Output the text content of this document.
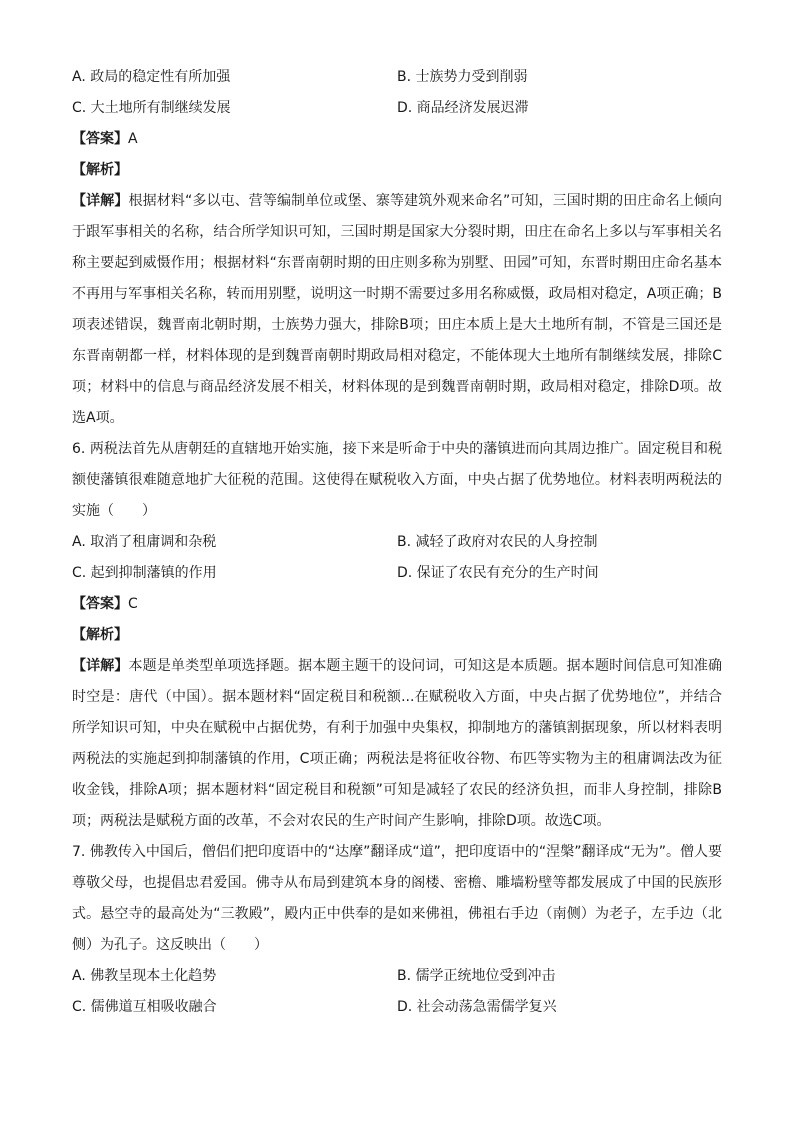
A. 政局的稳定性有所加强	B. 士族势力受到削弱
C. 大土地所有制继续发展	D. 商品经济发展迟滞
【答案】A
【解析】

【详解】根据材料“多以屯、营等编制单位或堡、寨等建筑外观来命名”可知，三国时期的田庄命名上倾向于跟军事相关的名称，结合所学知识可知，三国时期是国家大分裂时期，田庄在命名上多以与军事相关名称主要起到威慑作用；根据材料“东晋南朝时期的田庄则多称为别墅、田园”可知，东晋时期田庄命名基本不再用与军事相关名称，转而用别墅，说明这一时期不需要过多用名称威慑，政局相对稳定，A项正确；B项表述错误，魏晋南北朝时期，士族势力强大，排除B项；田庄本质上是大土地所有制，不管是三国还是东晋南朝都一样，材料体现的是到魏晋南朝时期政局相对稳定，不能体现大土地所有制继续发展，排除C项；材料中的信息与商品经济发展不相关，材料体现的是到魏晋南朝时期，政局相对稳定，排除D项。故选A项。

6. 两税法首先从唐朝廷的直辖地开始实施，接下来是听命于中央的藩镇进而向其周边推广。固定税目和税额使藩镇很难随意地扩大征税的范围。这使得在赋税收入方面，中央占据了优势地位。材料表明两税法的实施（　　）

A. 取消了租庸调和杂税	B. 减轻了政府对农民的人身控制
C. 起到抑制藩镇的作用	D. 保证了农民有充分的生产时间
【答案】C
【解析】

【详解】本题是单类型单项选择题。据本题主题干的设问词，可知这是本质题。据本题时间信息可知准确时空是：唐代（中国）。据本题材料“固定税目和税额...在赋税收入方面，中央占据了优势地位”，并结合所学知识可知，中央在赋税中占据优势，有利于加强中央集权，抑制地方的藩镇割据现象，所以材料表明两税法的实施起到抑制藩镇的作用，C项正确；两税法是将征收谷物、布匹等实物为主的租庸调法改为征收金钱，排除A项；据本题材料“固定税目和税额”可知是减轻了农民的经济负担，而非人身控制，排除B项；两税法是赋税方面的改革，不会对农民的生产时间产生影响，排除D项。故选C项。

7. 佛教传入中国后，僧侣们把印度语中的“达摩”翻译成“道”，把印度语中的“涅槃”翻译成“无为”。僧人要尊敬父母，也提倡忠君爱国。佛寺从布局到建筑本身的阁楼、密檐、雕墙粉壁等都发展成了中国的民族形式。悬空寺的最高处为“三教殿”，殿内正中供奉的是如来佛祖，佛祖右手边（南侧）为老子，左手边（北侧）为孔子。这反映出（　　）

A. 佛教呈现本土化趋势	B. 儒学正统地位受到冲击
C. 儒佛道互相吸收融合	D. 社会动荡急需儒学复兴
